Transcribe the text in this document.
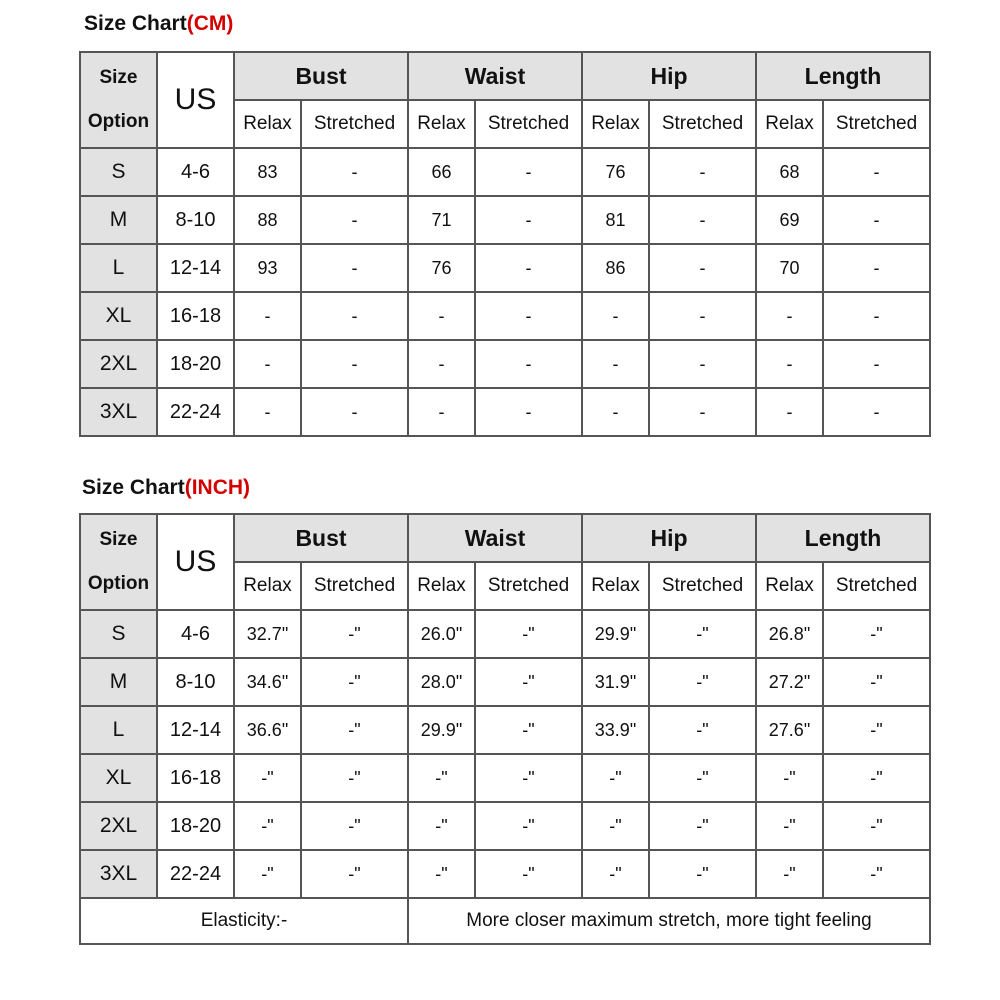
Size Chart(CM)
Size
Option	US	Bust		Waist		Hip		Length	
		Relax	Stretched	Relax	Stretched	Relax	Stretched	Relax	Stretched
S	4-6	83	-	66	-	76	-	68	-
M	8-10	88	-	71	-	81	-	69	-
L	12-14	93	-	76	-	86	-	70	-
XL	16-18	-	-	-	-	-	-	-	-
2XL	18-20	-	-	-	-	-	-	-	-
3XL	22-24	-	-	-	-	-	-	-	-
Size Chart(INCH)
Size
Option	US	Bust		Waist		Hip		Length	
		Relax	Stretched	Relax	Stretched	Relax	Stretched	Relax	Stretched
S	4-6	32.7"	-"	26.0"	-"	29.9"	-"	26.8"	-"
M	8-10	34.6"	-"	28.0"	-"	31.9"	-"	27.2"	-"
L	12-14	36.6"	-"	29.9"	-"	33.9"	-"	27.6"	-"
XL	16-18	-"	-"	-"	-"	-"	-"	-"	-"
2XL	18-20	-"	-"	-"	-"	-"	-"	-"	-"
3XL	22-24	-"	-"	-"	-"	-"	-"	-"	-"
Elasticity:-				More closer maximum stretch, more tight feeling					
